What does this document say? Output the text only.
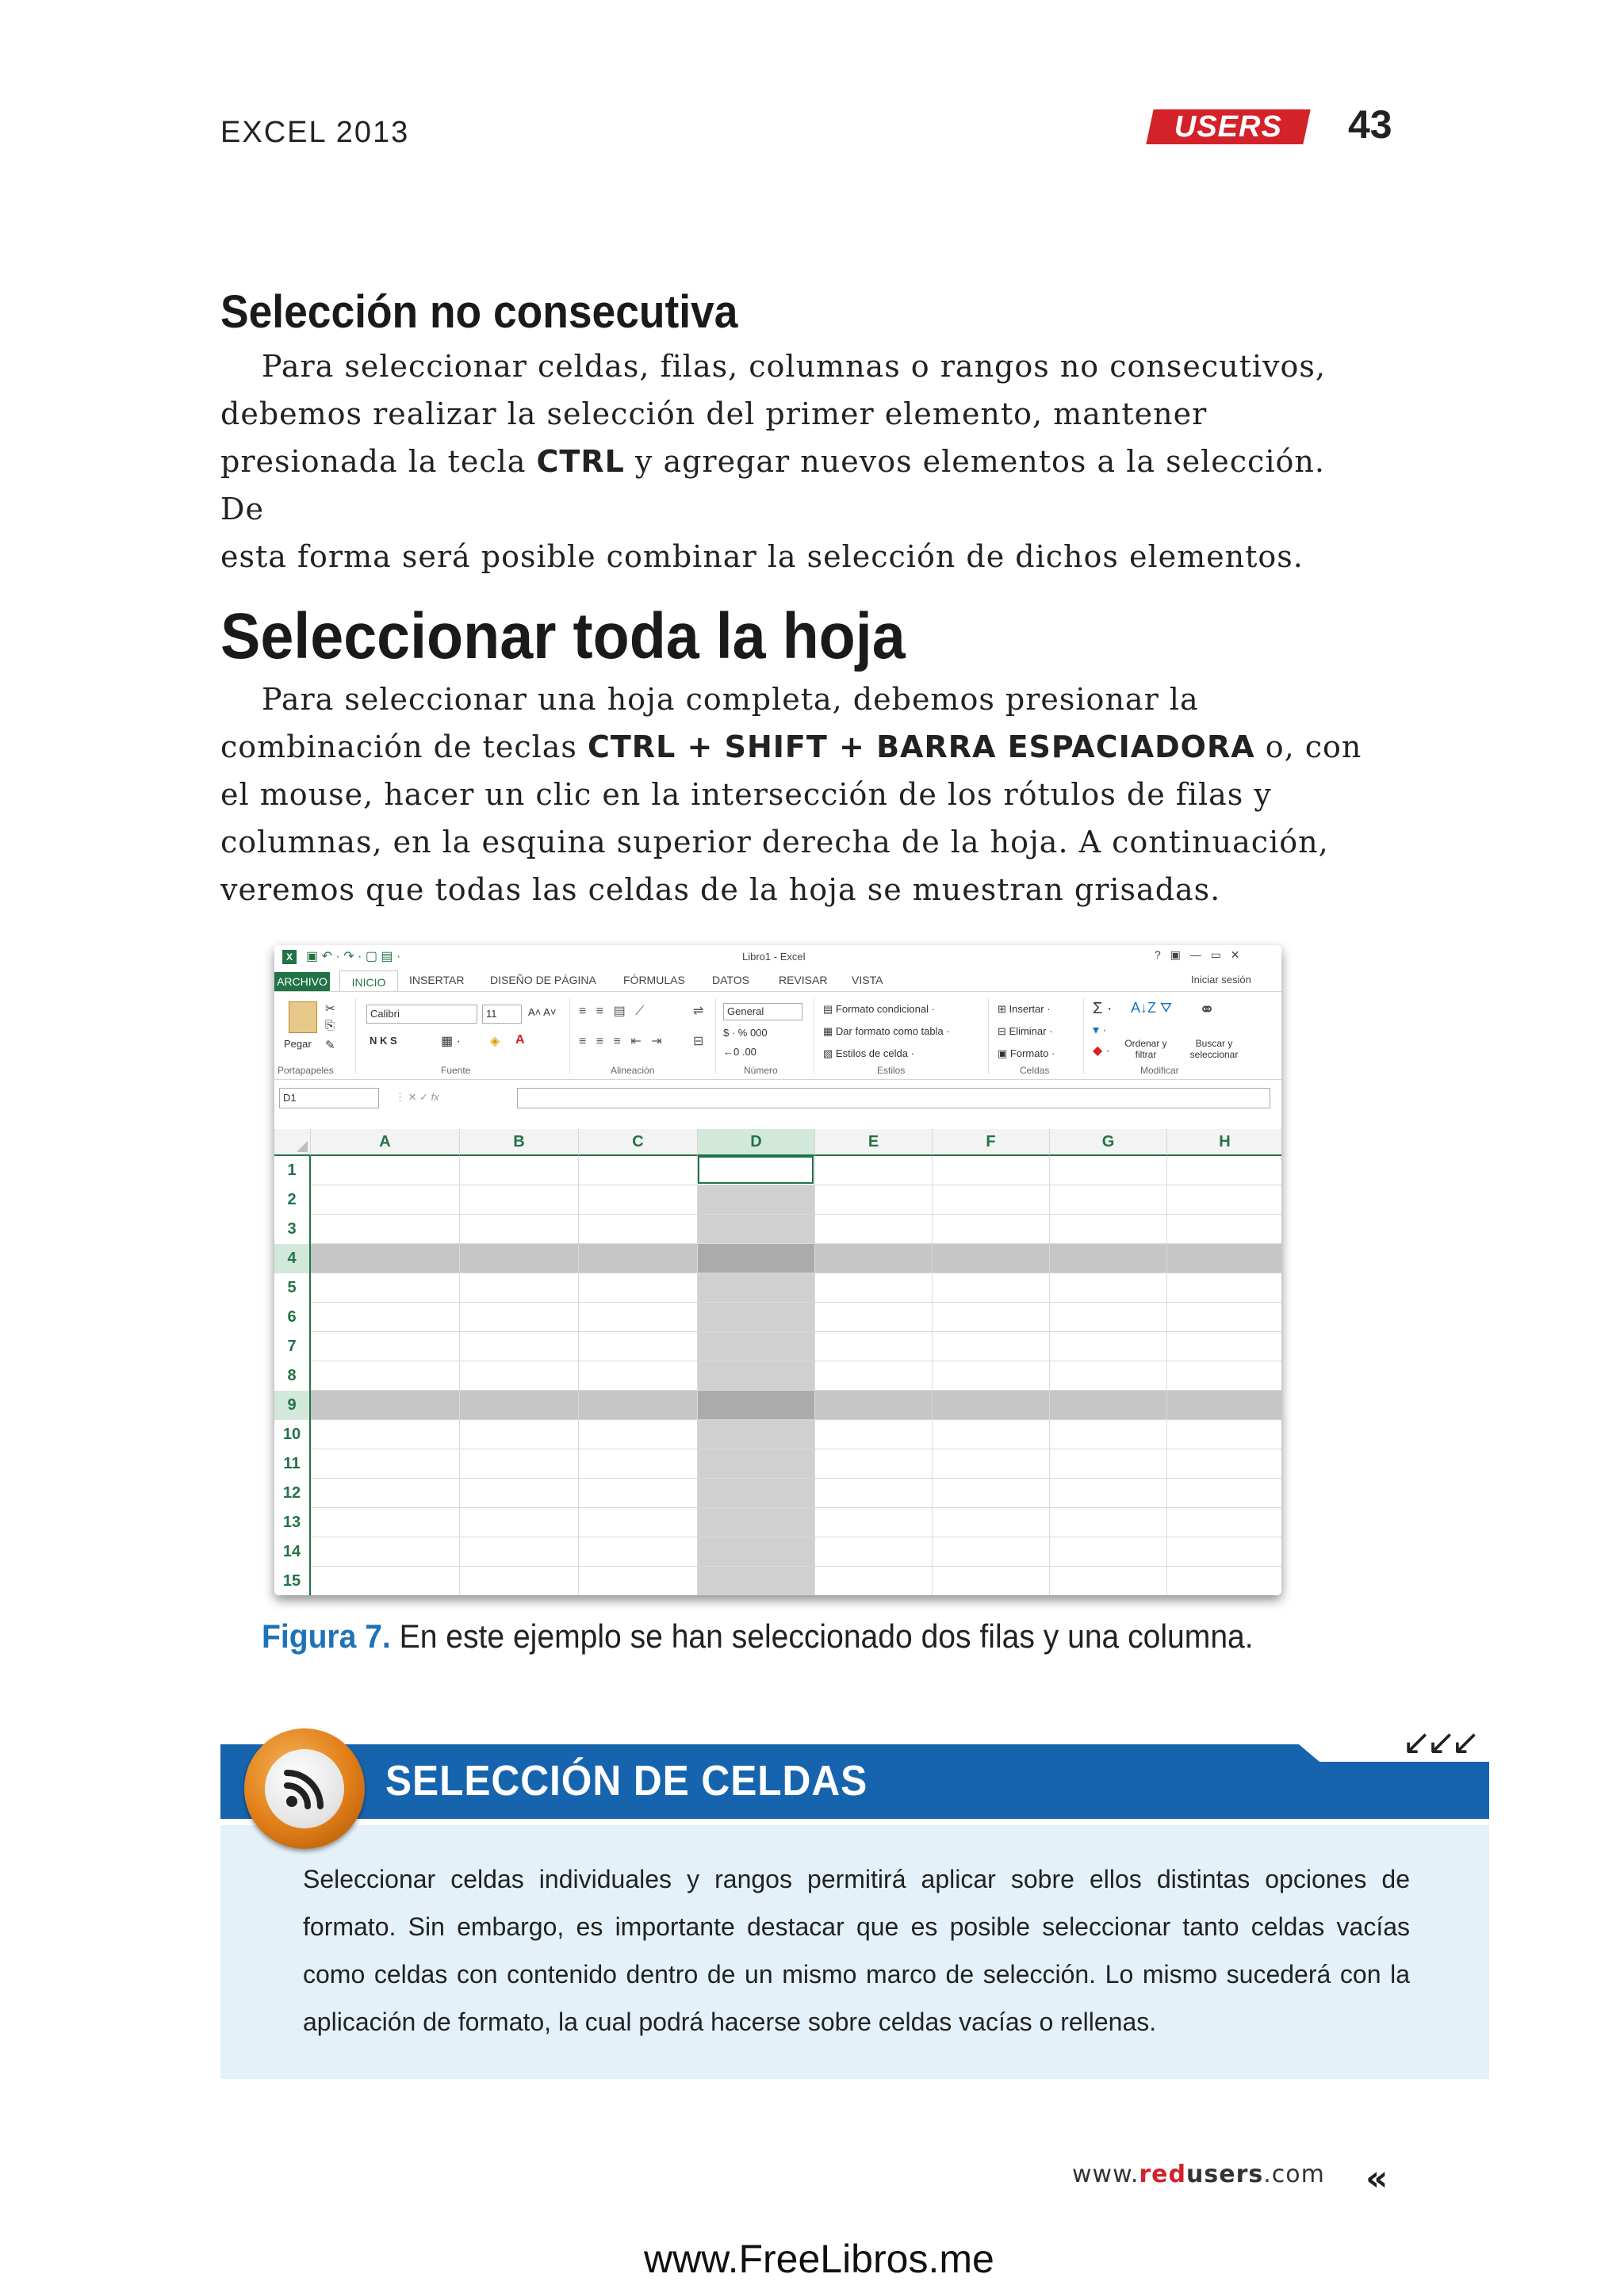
EXCEL 2013	USERS 43
Selección no consecutiva
Para seleccionar celdas, filas, columnas o rangos no consecutivos,
debemos realizar la selección del primer elemento, mantener
presionada la tecla CTRL y agregar nuevos elementos a la selección. De
esta forma será posible combinar la selección de dichos elementos.
Seleccionar toda la hoja
Para seleccionar una hoja completa, debemos presionar la
combinación de teclas CTRL + SHIFT + BARRA ESPACIADORA o, con
el mouse, hacer un clic en la intersección de los rótulos de filas y
columnas, en la esquina superior derecha de la hoja. A continuación,
veremos que todas las celdas de la hoja se muestran grisadas.
X	▣ ↶ · ↷ · ▢ ▤ ·	Libro1 - Excel	? ▣ — ▭ ✕
ARCHIVO	INICIO	INSERTAR DISEÑO DE PÁGINA FÓRMULAS DATOS	REVISAR VISTA	Iniciar sesión
Pegar
✂
⎘
✎
Calibri	11	A˄ A˅
N K S	▦ · ◈ A
≡ ≡ ▤ ⟋
≡ ≡ ≡ ⇤ ⇥
⇌
⊟
General
$ · % 000
←0 .00
▤ Formato condicional ·
▦ Dar formato como tabla ·
▧ Estilos de celda ·
⊞ Insertar ·
⊟ Eliminar ·
▣ Formato ·
Σ ·
▾ ·
◆ ·
A↓Z ⛛
Ordenar y filtrar
⚭
Buscar y seleccionar
Portapapeles	Fuente	Alineación	Número	Estilos	Celdas	Modificar
D1	⋮ ✕ ✓ fx
A	B	C	D	E	F	G	H
1
2
3
4
5
6
7
8
9
10
11
12
13
14
15
Figura 7. En este ejemplo se han seleccionado dos filas y una columna.
↙↙↙
SELECCIÓN DE CELDAS

Seleccionar celdas individuales y rangos permitirá aplicar sobre ellos distintas opciones de formato. Sin embargo, es importante destacar que es posible seleccionar tanto celdas vacías como celdas con contenido dentro de un mismo marco de selección. Lo mismo sucederá con la aplicación de formato, la cual podrá hacerse sobre celdas vacías o rellenas.

www.redusers.com «
www.FreeLibros.me
